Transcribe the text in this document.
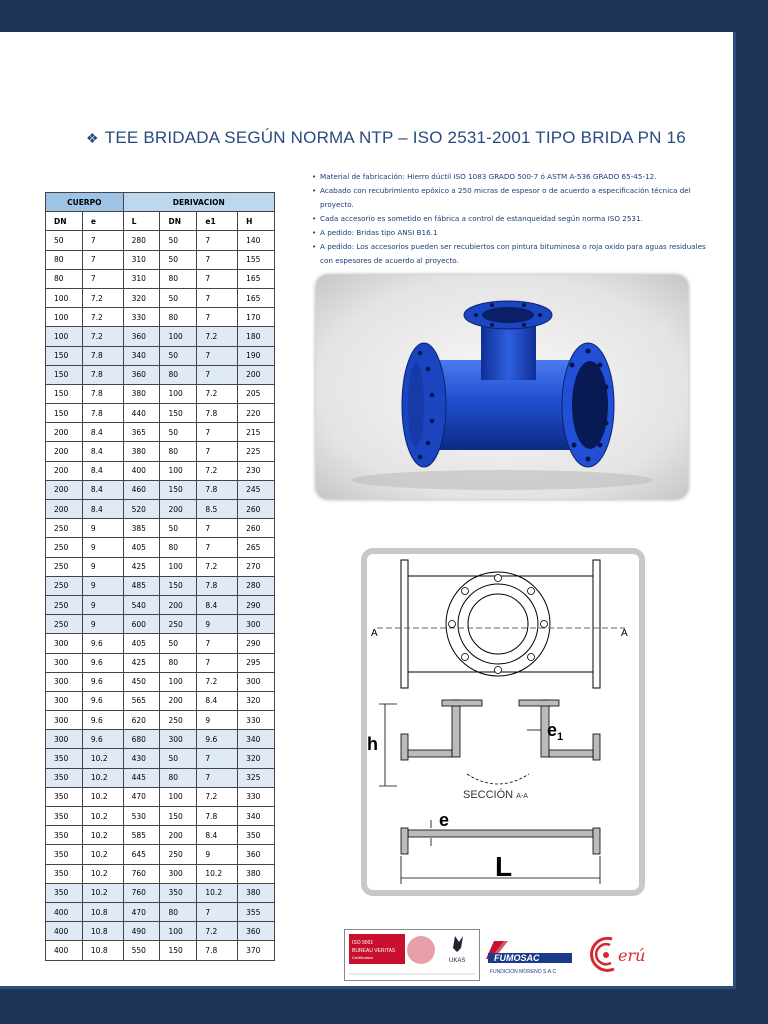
❖ TEE BRIDADA SEGÚN NORMA NTP – ISO 2531-2001 TIPO BRIDA PN 16
CUERPO		DERIVACION			
DN	e	L	DN	e1	H
50	7	280	50	7	140
80	7	310	50	7	155
80	7	310	80	7	165
100	7.2	320	50	7	165
100	7.2	330	80	7	170
100	7.2	360	100	7.2	180
150	7.8	340	50	7	190
150	7.8	360	80	7	200
150	7.8	380	100	7.2	205
150	7.8	440	150	7.8	220
200	8.4	365	50	7	215
200	8.4	380	80	7	225
200	8.4	400	100	7.2	230
200	8.4	460	150	7.8	245
200	8.4	520	200	8.5	260
250	9	385	50	7	260
250	9	405	80	7	265
250	9	425	100	7.2	270
250	9	485	150	7.8	280
250	9	540	200	8.4	290
250	9	600	250	9	300
300	9.6	405	50	7	290
300	9.6	425	80	7	295
300	9.6	450	100	7.2	300
300	9.6	565	200	8.4	320
300	9.6	620	250	9	330
300	9.6	680	300	9.6	340
350	10.2	430	50	7	320
350	10.2	445	80	7	325
350	10.2	470	100	7.2	330
350	10.2	530	150	7.8	340
350	10.2	585	200	8.4	350
350	10.2	645	250	9	360
350	10.2	760	300	10.2	380
350	10.2	760	350	10.2	380
400	10.8	470	80	7	355
400	10.8	490	100	7.2	360
400	10.8	550	150	7.8	370
• Material de fabricación: Hierro dúctil ISO 1083 GRADO 500-7 ó ASTM A-536 GRADO 65-45-12.
• Acabado con recubrimiento epóxico a 250 micras de espesor o de acuerdo a especificación técnica del proyecto.
• Cada accesorio es sometido en fábrica a control de estanqueidad según norma ISO 2531.
• A pedido: Bridas tipo ANSI B16.1
• A pedido: Los accesorios pueden ser recubiertos con pintura bituminosa o roja oxido para aguas residuales con espesores de acuerdo al proyecto.
A	A
h
$e_1$
SECCIÓN A-A
e
L
ISO 9001
BUREAU VERITAS
Certification
UKAS	FUMOSAC
FUNDICION MORENO S.A.C
erú
